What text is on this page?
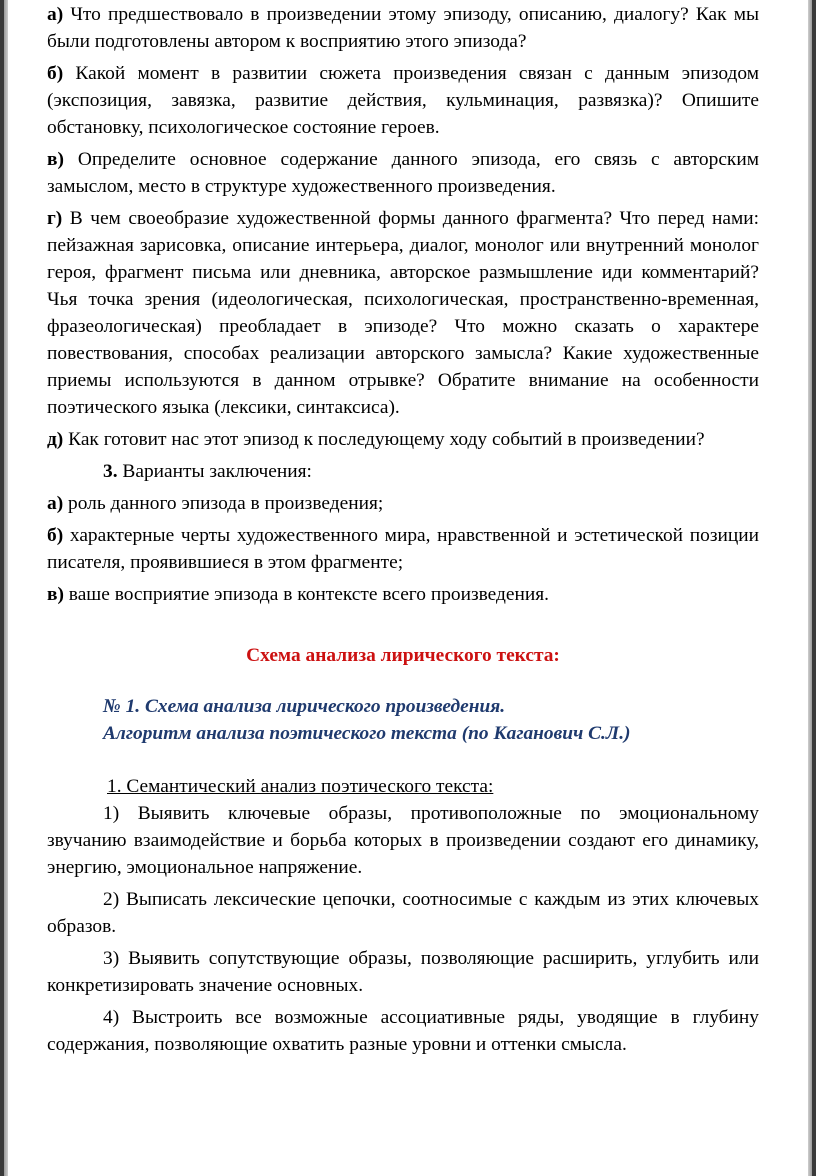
а) Что предшествовало в произведении этому эпизоду, описанию, диалогу? Как мы были подготовлены автором к восприятию этого эпизода?

б) Какой момент в развитии сюжета произведения связан с данным эпизодом (экспозиция, завязка, развитие действия, кульминация, развязка)? Опишите обстановку, психологическое состояние героев.

в) Определите основное содержание данного эпизода, его связь с авторским замыслом, место в структуре художественного произведения.

г) В чем своеобразие художественной формы данного фрагмента? Что перед нами: пейзажная зарисовка, описание интерьера, диалог, монолог или внутренний монолог героя, фрагмент письма или дневника, авторское размышление иди комментарий? Чья точка зрения (идеологическая, психологическая, пространственно-временная, фразеологическая) преобладает в эпизоде? Что можно сказать о характере повествования, способах реализации авторского замысла? Какие художественные приемы используются в данном отрывке? Обратите внимание на особенности поэтического языка (лексики, синтаксиса).

д) Как готовит нас этот эпизод к последующему ходу событий в произведении?

3. Варианты заключения:

а) роль данного эпизода в произведения;

б) характерные черты художественного мира, нравственной и эстетической позиции писателя, проявившиеся в этом фрагменте;

в) ваше восприятие эпизода в контексте всего произведения.

Схема анализа лирического текста:

№ 1. Схема анализа лирического произведения.

Алгоритм анализа поэтического текста (по Каганович С.Л.)

1. Семантический анализ поэтического текста:

1) Выявить ключевые образы, противоположные по эмоциональному звучанию взаимодействие и борьба которых в произведении создают его динамику, энергию, эмоциональное напряжение.

2) Выписать лексические цепочки, соотносимые с каждым из этих ключевых образов.

3) Выявить сопутствующие образы, позволяющие расширить, углубить или конкретизировать значение основных.

4) Выстроить все возможные ассоциативные ряды, уводящие в глубину содержания, позволяющие охватить разные уровни и оттенки смысла.
